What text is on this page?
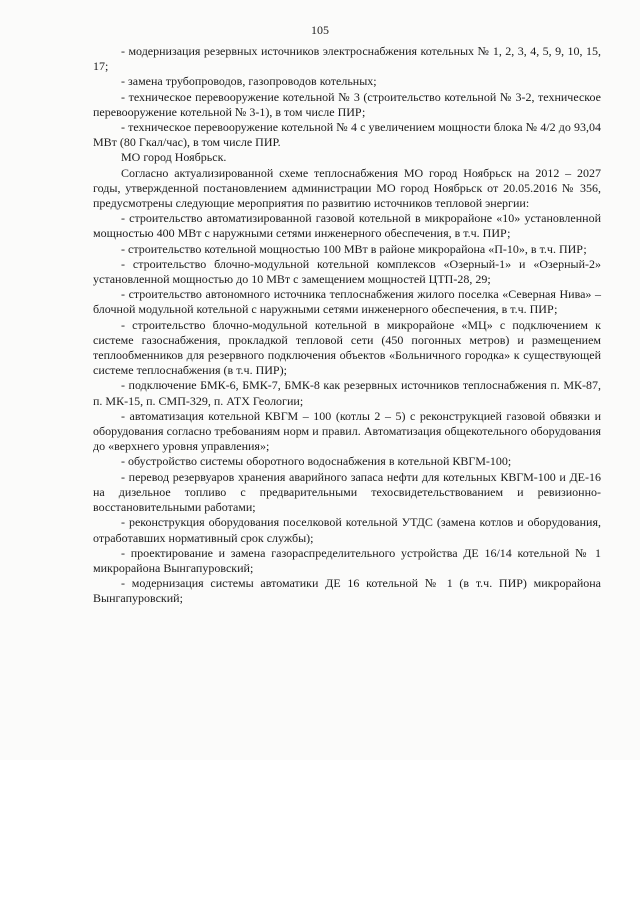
105

- модернизация резервных источников электроснабжения котельных № 1, 2, 3, 4, 5, 9, 10, 15, 17;

- замена трубопроводов, газопроводов котельных;

- техническое перевооружение котельной № 3 (строительство котельной № 3-2, техническое перевооружение котельной № 3-1), в том числе ПИР;

- техническое перевооружение котельной № 4 с увеличением мощности блока № 4/2 до 93,04 МВт (80 Гкал/час), в том числе ПИР.

МО город Ноябрьск.

Согласно актуализированной схеме теплоснабжения МО город Ноябрьск на 2012 – 2027 годы, утвержденной постановлением администрации МО город Ноябрьск от 20.05.2016 № 356, предусмотрены следующие мероприятия по развитию источников тепловой энергии:

- строительство автоматизированной газовой котельной в микрорайоне «10» установленной мощностью 400 МВт с наружными сетями инженерного обеспечения, в т.ч. ПИР;

- строительство котельной мощностью 100 МВт в районе микрорайона «П-10», в т.ч. ПИР;

- строительство блочно-модульной котельной комплексов «Озерный-1» и «Озерный-2» установленной мощностью до 10 МВт с замещением мощностей ЦТП-28, 29;

- строительство автономного источника теплоснабжения жилого поселка «Северная Нива» – блочной модульной котельной с наружными сетями инженерного обеспечения, в т.ч. ПИР;

- строительство блочно-модульной котельной в микрорайоне «МЦ» с подключением к системе газоснабжения, прокладкой тепловой сети (450 погонных метров) и размещением теплообменников для резервного подключения объектов «Больничного городка» к существующей системе теплоснабжения (в т.ч. ПИР);

- подключение БМК-6, БМК-7, БМК-8 как резервных источников теплоснабжения п. МК-87, п. МК-15, п. СМП-329, п. АТХ Геологии;

- автоматизация котельной КВГМ – 100 (котлы 2 – 5) с реконструкцией газовой обвязки и оборудования согласно требованиям норм и правил. Автоматизация общекотельного оборудования до «верхнего уровня управления»;

- обустройство системы оборотного водоснабжения в котельной КВГМ-100;

- перевод резервуаров хранения аварийного запаса нефти для котельных КВГМ-100 и ДЕ-16 на дизельное топливо с предварительными техосвидетельствованием и ревизионно-восстановительными работами;

- реконструкция оборудования поселковой котельной УТДС (замена котлов и оборудования, отработавших нормативный срок службы);

- проектирование и замена газораспределительного устройства ДЕ 16/14 котельной № 1 микрорайона Вынгапуровский;

- модернизация системы автоматики ДЕ 16 котельной № 1 (в т.ч. ПИР) микрорайона Вынгапуровский;
